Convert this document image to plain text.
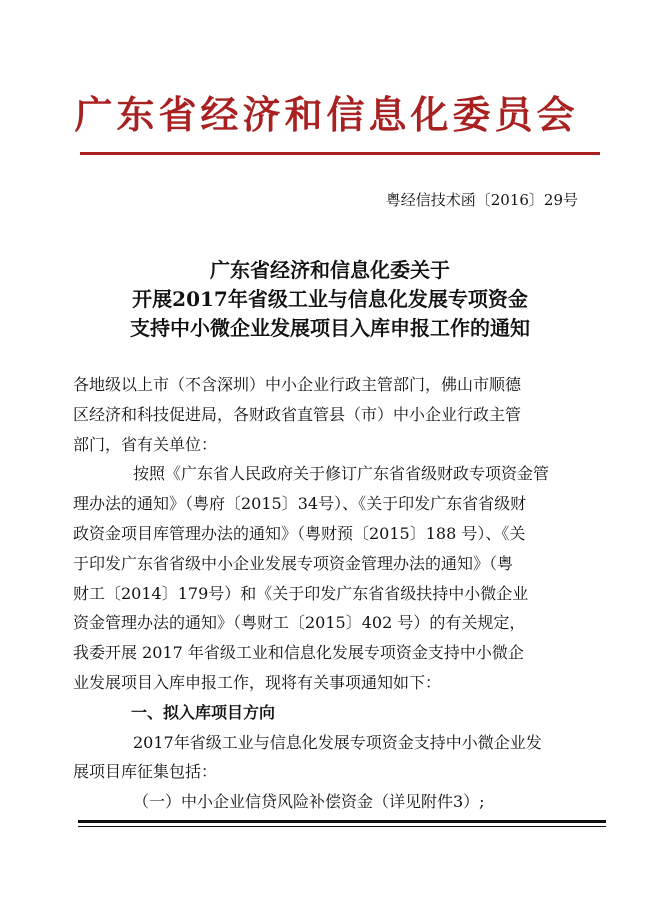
广东省经济和信息化委员会
粤经信技术函〔2016〕29号
广东省经济和信息化委关于
开展2017年省级工业与信息化发展专项资金
支持中小微企业发展项目入库申报工作的通知
各地级以上市（不含深圳）中小企业行政主管部门，佛山市顺德
区经济和科技促进局，各财政省直管县（市）中小企业行政主管
部门，省有关单位：
按照《广东省人民政府关于修订广东省省级财政专项资金管
理办法的通知》（粤府〔2015〕34号）、《关于印发广东省省级财
政资金项目库管理办法的通知》（粤财预〔2015〕188 号）、《关
于印发广东省省级中小企业发展专项资金管理办法的通知》（粤
财工〔2014〕179号）和《关于印发广东省省级扶持中小微企业
资金管理办法的通知》（粤财工〔2015〕402 号）的有关规定，
我委开展 2017 年省级工业和信息化发展专项资金支持中小微企
业发展项目入库申报工作，现将有关事项通知如下：
一、拟入库项目方向
2017年省级工业与信息化发展专项资金支持中小微企业发
展项目库征集包括：
（一）中小企业信贷风险补偿资金（详见附件3）;
